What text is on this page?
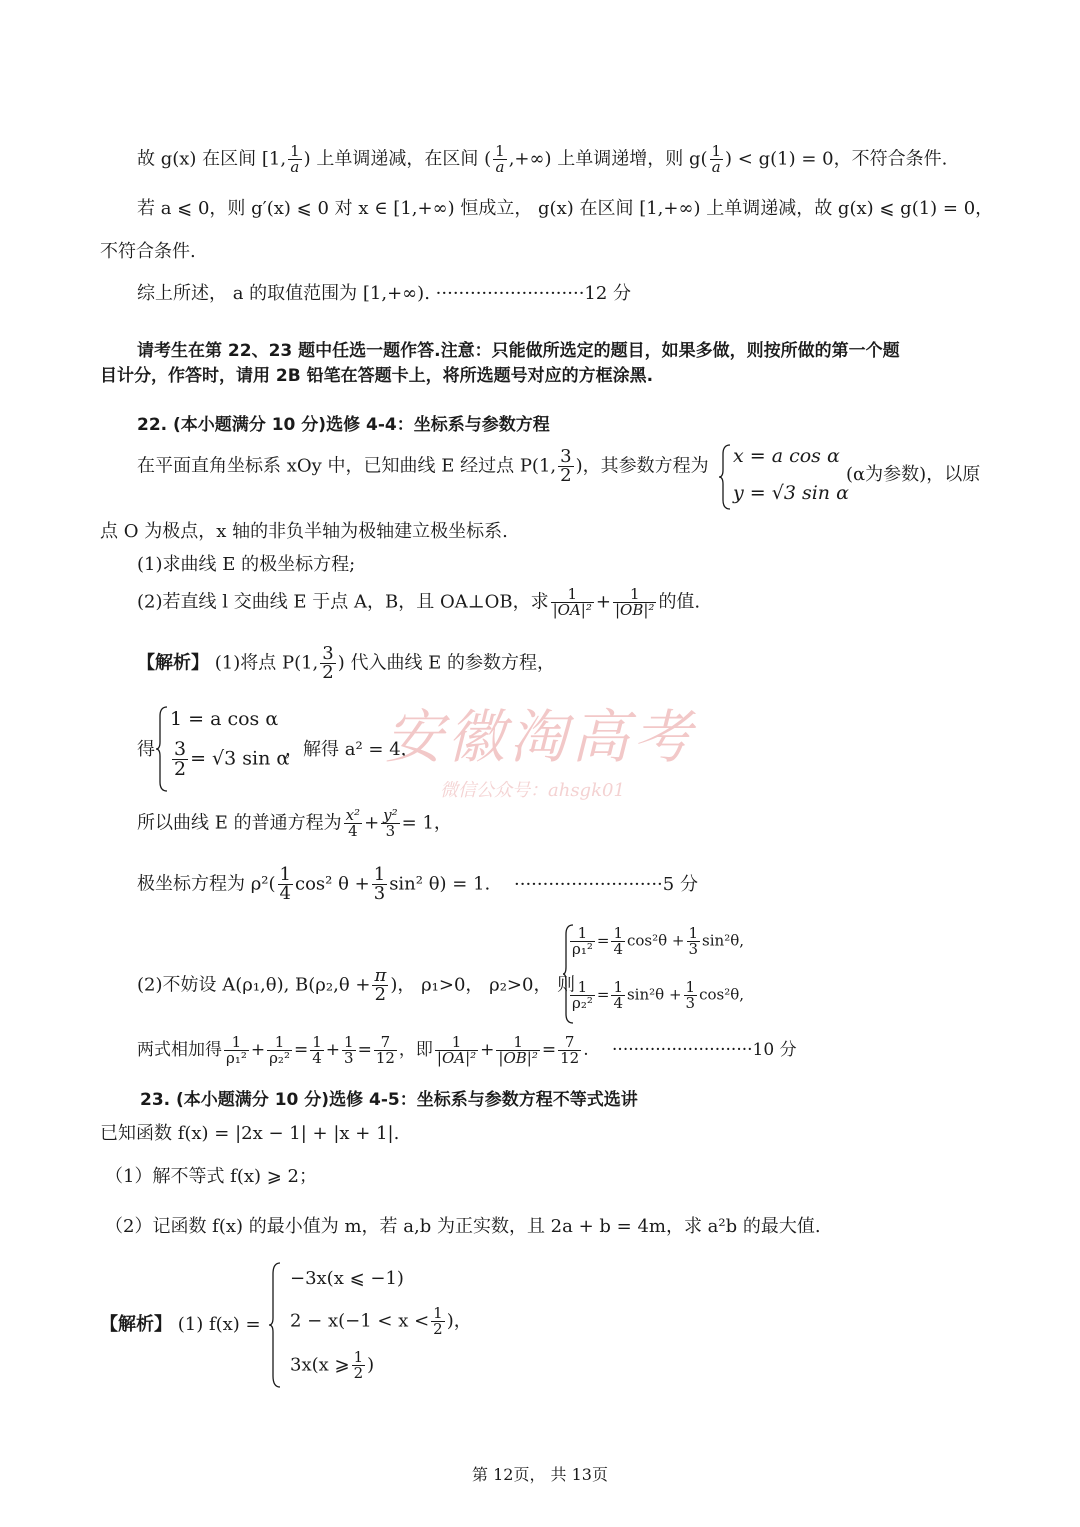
故 g(x) 在区间 [1, $\frac{1}{a}$ ) 上单调递减，在区间 ( $\frac{1}{a}$ ,+∞) 上单调递增，则 $g( \frac{1}{a}$ ) < g(1) = 0，不符合条件.
若 a ⩽ 0，则 g′(x) ⩽ 0 对 x ∈ [1,+∞) 恒成立， g(x) 在区间 [1,+∞) 上单调递减，故 g(x) ⩽ g(1) = 0，
不符合条件.
综上所述， a 的取值范围为 [1,+∞). ··························12 分
请考生在第 22、23 题中任选一题作答.注意：只能做所选定的题目，如果多做，则按所做的第一个题
目计分，作答时，请用 2B 铅笔在答题卡上，将所选题号对应的方框涂黑.
22. (本小题满分 10 分)选修 4-4：坐标系与参数方程
在平面直角坐标系 xOy 中，已知曲线 E 经过点 P(1, $\frac{3}{2}$ )，其参数方程为 x = a cos α
y = √3 sin α
(α为参数)，以原
点 O 为极点，x 轴的非负半轴为极轴建立极坐标系.
(1)求曲线 E 的极坐标方程;
(2)若直线 l 交曲线 E 于点 A，B，且 OA⊥OB，求 $\frac{1}{\text{|OA|²}} + \frac{1}{\text{|OB|²}}$ 的值.
【解析】 (1)将点 P(1, $\frac{3}{2}$ ) 代入曲线 E 的参数方程，
得
1 = a cos α
$\frac{3}{2} = √3$ sin α
，解得 a² = 4，
安徽淘高考
微信公众号：ahsgk01
所以曲线 E 的普通方程为 $\frac{\text{x²}}{4} + \frac{\text{y²}}{3} = 1$，
极坐标方程为 $\rho^2( \frac{1}{4} \cos^2$ $\theta + \frac{1}{3} \sin^2$ θ) = 1. ··························5 分
(2)不妨设 A(ρ₁,θ), $B(\rho_2,\theta + \frac{\pi}{2}$ )， ρ₁>0， ρ₂>0， 则
$\frac{1}{\text{ρ₁²}} = \frac{1}{4} \cos^2\theta + \frac{1}{3} \sin^2\theta$,
$\frac{1}{\text{ρ₂²}} = \frac{1}{4} \sin^2\theta + \frac{1}{3} \cos^2\theta$,
两式相加得 $\frac{1}{\text{ρ₁²}} + \frac{1}{\text{ρ₂²}} = \frac{1}{4} + \frac{1}{3} = \frac{7}{12}$ ，即 $\frac{1}{\text{|OA|²}} + \frac{1}{\text{|OB|²}} = \frac{7}{12}$ . ··························10 分
23. (本小题满分 10 分)选修 4-5：坐标系与参数方程不等式选讲
已知函数 f(x) = |2x − 1| + |x + 1|.
（1）解不等式 f(x) ⩾ 2；
（2）记函数 f(x) 的最小值为 m，若 a,b 为正实数，且 2a + b = 4m，求 a²b 的最大值.
【解析】 (1) f(x) =
−3x(x ⩽ −1)
$2 - x(-1 < x < \frac{1}{2}$ )，
3x(x ⩾ $\frac{1}{2}$ )
第 12页， 共 13页
